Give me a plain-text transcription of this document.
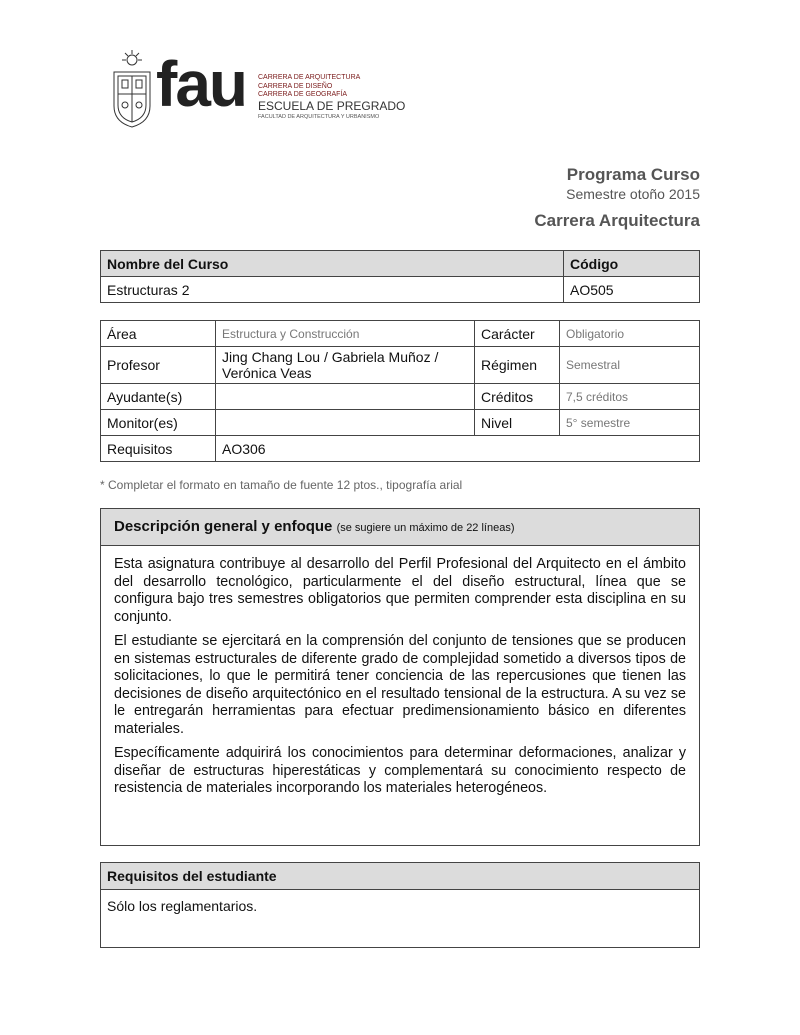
fau CARRERA DE ARQUITECTURA
CARRERA DE DISEÑO
CARRERA DE GEOGRAFÍA
ESCUELA DE PREGRADO
FACULTAD DE ARQUITECTURA Y URBANISMO
Programa Curso
Semestre otoño 2015
Carrera Arquitectura
Nombre del Curso	Código
Estructuras 2	AO505
Área	Estructura y Construcción	Carácter	Obligatorio
Profesor	Jing Chang Lou / Gabriela Muñoz / Verónica Veas	Régimen	Semestral
Ayudante(s)		Créditos	7,5 créditos
Monitor(es)		Nivel	5° semestre
Requisitos	AO306		
* Completar el formato en tamaño de fuente 12 ptos., tipografía arial
Descripción general y enfoque (se sugiere un máximo de 22 líneas)

Esta asignatura contribuye al desarrollo del Perfil Profesional del Arquitecto en el ámbito del desarrollo tecnológico, particularmente el del diseño estructural, línea que se configura bajo tres semestres obligatorios que permiten comprender esta disciplina en su conjunto.

El estudiante se ejercitará en la comprensión del conjunto de tensiones que se producen en sistemas estructurales de diferente grado de complejidad sometido a diversos tipos de solicitaciones, lo que le permitirá tener conciencia de las repercusiones que tienen las decisiones de diseño arquitectónico en el resultado tensional de la estructura. A su vez se le entregarán herramientas para efectuar predimensionamiento básico en diferentes materiales.

Específicamente adquirirá los conocimientos para determinar deformaciones, analizar y diseñar de estructuras hiperestáticas y complementará su conocimiento respecto de resistencia de materiales incorporando los materiales heterogéneos.

Requisitos del estudiante
Sólo los reglamentarios.
